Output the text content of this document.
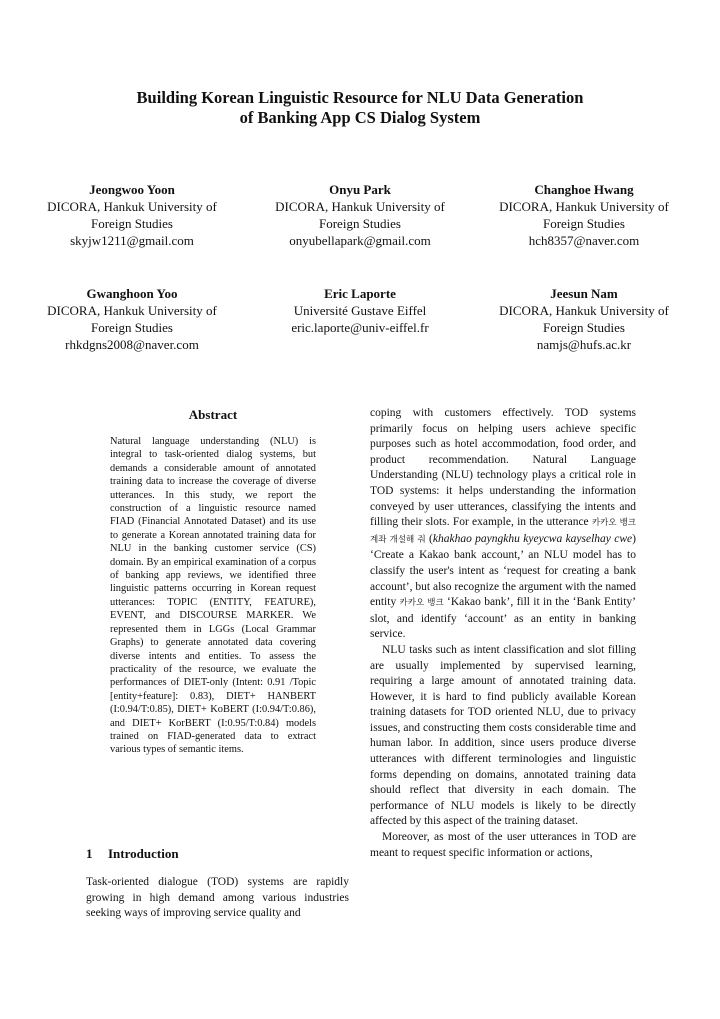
Building Korean Linguistic Resource for NLU Data Generation
of Banking App CS Dialog System
Jeongwoo Yoon
DICORA, Hankuk University of
Foreign Studies
skyjw1211@gmail.com
Onyu Park
DICORA, Hankuk University of
Foreign Studies
onyubellapark@gmail.com
Changhoe Hwang
DICORA, Hankuk University of
Foreign Studies
hch8357@naver.com
Gwanghoon Yoo
DICORA, Hankuk University of
Foreign Studies
rhkdgns2008@naver.com
Eric Laporte
Université Gustave Eiffel
eric.laporte@univ-eiffel.fr
Jeesun Nam
DICORA, Hankuk University of
Foreign Studies
namjs@hufs.ac.kr
Abstract
Natural language understanding (NLU) is integral to task-oriented dialog systems, but demands a considerable amount of annotated training data to increase the coverage of diverse utterances. In this study, we report the construction of a linguistic resource named FIAD (Financial Annotated Dataset) and its use to generate a Korean annotated training data for NLU in the banking customer service (CS) domain. By an empirical examination of a corpus of banking app reviews, we identified three linguistic patterns occurring in Korean request utterances: TOPIC (ENTITY, FEATURE), EVENT, and DISCOURSE MARKER. We represented them in LGGs (Local Grammar Graphs) to generate annotated data covering diverse intents and entities. To assess the practicality of the resource, we evaluate the performances of DIET-only (Intent: 0.91 /Topic [entity+feature]: 0.83), DIET+ HANBERT (I:0.94/T:0.85), DIET+ KoBERT (I:0.94/T:0.86), and DIET+ KorBERT (I:0.95/T:0.84) models trained on FIAD-generated data to extract various types of semantic items.
1 Introduction
Task-oriented dialogue (TOD) systems are rapidly growing in high demand among various industries seeking ways of improving service quality and

coping with customers effectively. TOD systems primarily focus on helping users achieve specific purposes such as hotel accommodation, food order, and product recommendation. Natural Language Understanding (NLU) technology plays a critical role in TOD systems: it helps understanding the information conveyed by user utterances, classifying the intents and filling their slots. For example, in the utterance 카카오 뱅크 계좌 개설해 줘 (khakhao payngkhu kyeycwa kayselhay cwe) ‘Create a Kakao bank account,’ an NLU model has to classify the user's intent as ‘request for creating a bank account’, but also recognize the argument with the named entity 카카오 뱅크 ‘Kakao bank’, fill it in the ‘Bank Entity’ slot, and identify ‘account’ as an entity in banking service.

NLU tasks such as intent classification and slot filling are usually implemented by supervised learning, requiring a large amount of annotated training data. However, it is hard to find publicly available Korean training datasets for TOD oriented NLU, due to privacy issues, and constructing them costs considerable time and human labor. In addition, since users produce diverse utterances with different terminologies and linguistic forms depending on domains, annotated training data should reflect that diversity in each domain. The performance of NLU models is likely to be directly affected by this aspect of the training dataset.

Moreover, as most of the user utterances in TOD are meant to request specific information or actions,
